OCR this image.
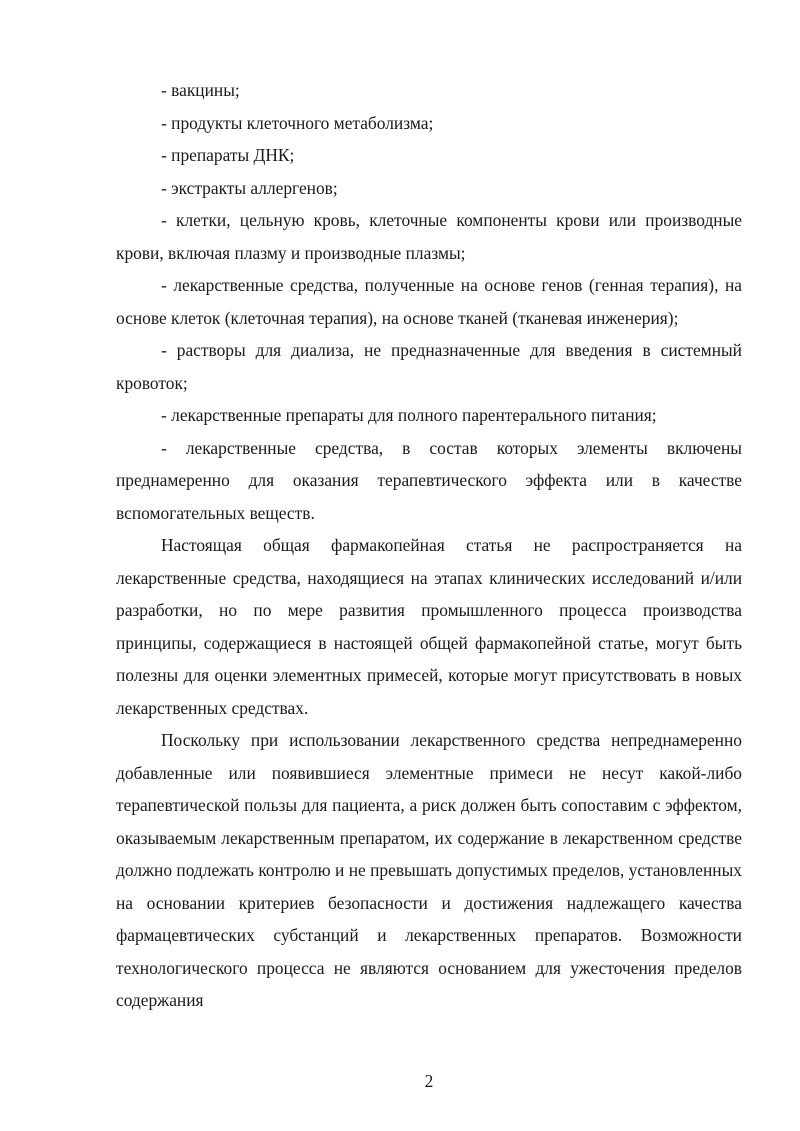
- вакцины;

- продукты клеточного метаболизма;

- препараты ДНК;

- экстракты аллергенов;

- клетки, цельную кровь, клеточные компоненты крови или производные крови, включая плазму и производные плазмы;

- лекарственные средства, полученные на основе генов (генная терапия), на основе клеток (клеточная терапия), на основе тканей (тканевая инженерия);

- растворы для диализа, не предназначенные для введения в системный кровоток;

- лекарственные препараты для полного парентерального питания;

- лекарственные средства, в состав которых элементы включены преднамеренно для оказания терапевтического эффекта или в качестве вспомогательных веществ.

Настоящая общая фармакопейная статья не распространяется на лекарственные средства, находящиеся на этапах клинических исследований и/или разработки, но по мере развития промышленного процесса производства принципы, содержащиеся в настоящей общей фармакопейной статье, могут быть полезны для оценки элементных примесей, которые могут присутствовать в новых лекарственных средствах.

Поскольку при использовании лекарственного средства непреднамеренно добавленные или появившиеся элементные примеси не несут какой-либо терапевтической пользы для пациента, а риск должен быть сопоставим с эффектом, оказываемым лекарственным препаратом, их содержание в лекарственном средстве должно подлежать контролю и не превышать допустимых пределов, установленных на основании критериев безопасности и достижения надлежащего качества фармацевтических субстанций и лекарственных препаратов. Возможности технологического процесса не являются основанием для ужесточения пределов содержания

2
